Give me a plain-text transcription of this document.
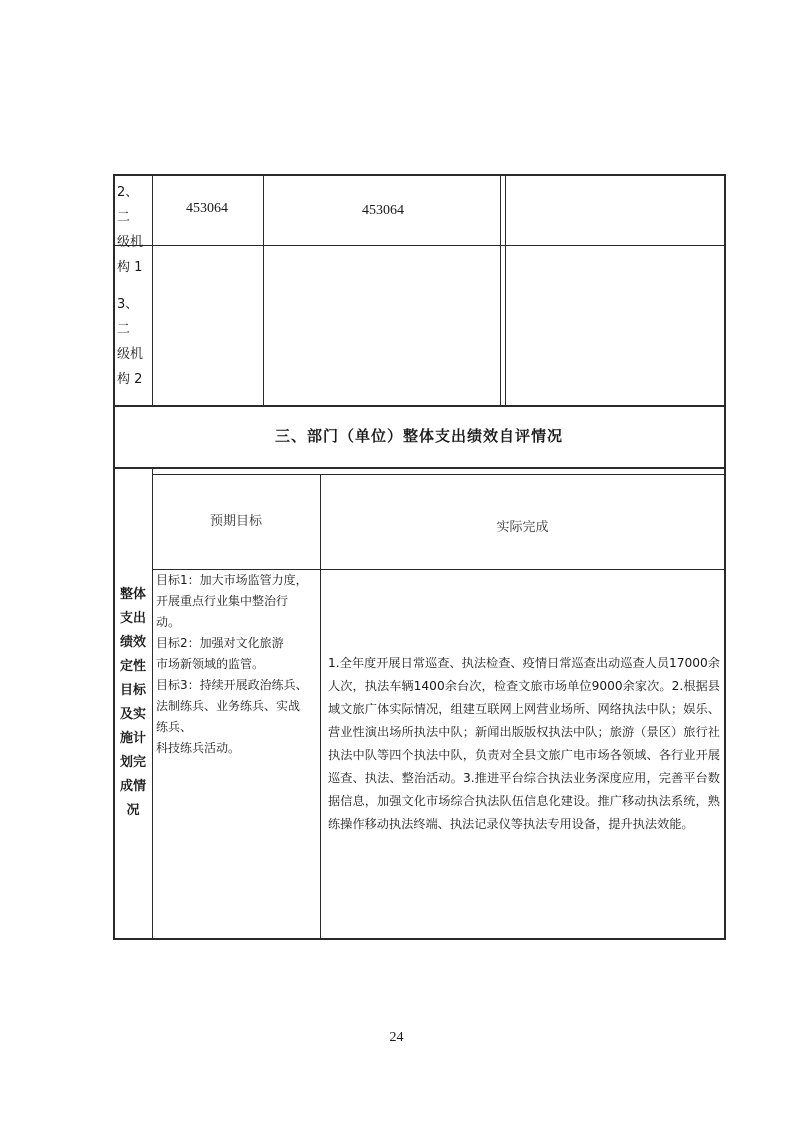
2、二
级机
构 1
453064	453064
3、二
级机
构 2
三、部门（单位）整体支出绩效自评情况
整体
支出
绩效
定性
目标
及实
施计
划完
成情
况
预期目标	实际完成

目标1：加大市场监管力度，

开展重点行业集中整治行

动。

目标2：加强对文化旅游

市场新领域的监管。

目标3：持续开展政治练兵、

法制练兵、业务练兵、实战

练兵、

科技练兵活动。

1.全年度开展日常巡查、执法检查、疫情日常巡查出动巡查人员17000余人次，执法车辆1400余台次，检查文旅市场单位9000余家次。2.根据县域文旅广体实际情况，组建互联网上网营业场所、网络执法中队；娱乐、营业性演出场所执法中队；新闻出版版权执法中队；旅游（景区）旅行社执法中队等四个执法中队，负责对全县文旅广电市场各领域、各行业开展巡查、执法、整治活动。3.推进平台综合执法业务深度应用，完善平台数据信息，加强文化市场综合执法队伍信息化建设。推广移动执法系统，熟练操作移动执法终端、执法记录仪等执法专用设备，提升执法效能。
24
